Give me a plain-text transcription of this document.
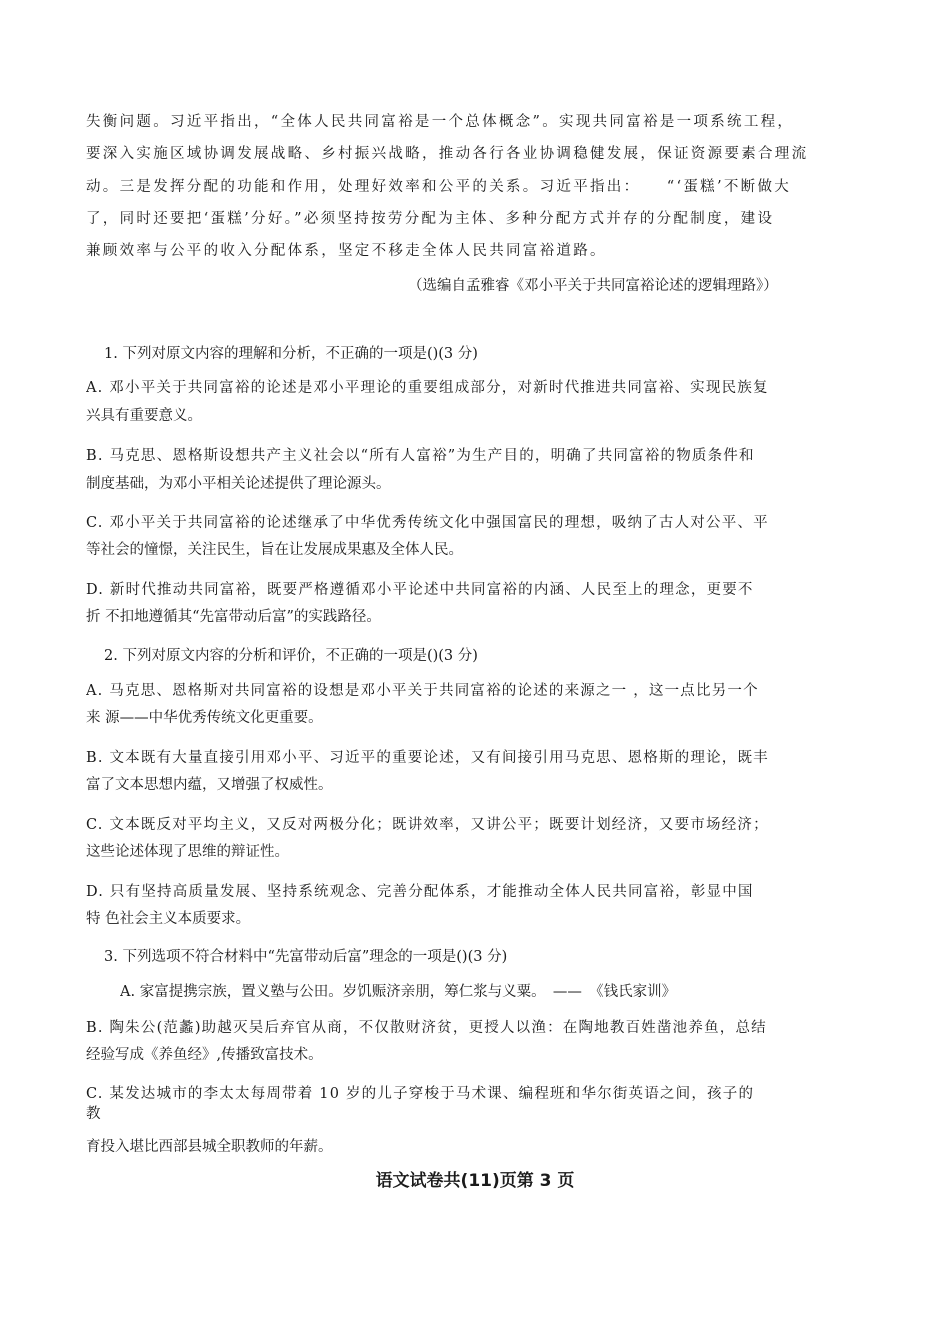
失衡问题。习近平指出，“全体人民共同富裕是一个总体概念”。实现共同富裕是一项系统工程，
要深入实施区域协调发展战略、乡村振兴战略，推动各行各业协调稳健发展，保证资源要素合理流
动。三是发挥分配的功能和作用，处理好效率和公平的关系。习近平指出：　　“‘蛋糕’不断做大
了，同时还要把‘蛋糕’分好。”必须坚持按劳分配为主体、多种分配方式并存的分配制度，建设
兼顾效率与公平的收入分配体系，坚定不移走全体人民共同富裕道路。
（选编自孟雅睿《邓小平关于共同富裕论述的逻辑理路》）
1. 下列对原文内容的理解和分析，不正确的一项是()(3 分)
A. 邓小平关于共同富裕的论述是邓小平理论的重要组成部分，对新时代推进共同富裕、实现民族复
兴具有重要意义。
B. 马克思、恩格斯设想共产主义社会以“所有人富裕”为生产目的，明确了共同富裕的物质条件和
制度基础，为邓小平相关论述提供了理论源头。
C. 邓小平关于共同富裕的论述继承了中华优秀传统文化中强国富民的理想，吸纳了古人对公平、平
等社会的憧憬，关注民生，旨在让发展成果惠及全体人民。
D. 新时代推动共同富裕，既要严格遵循邓小平论述中共同富裕的内涵、人民至上的理念，更要不
折 不扣地遵循其“先富带动后富”的实践路径。
2. 下列对原文内容的分析和评价，不正确的一项是()(3 分)
A. 马克思、恩格斯对共同富裕的设想是邓小平关于共同富裕的论述的来源之一 ，这一点比另一个
来 源——中华优秀传统文化更重要。
B. 文本既有大量直接引用邓小平、习近平的重要论述，又有间接引用马克思、恩格斯的理论，既丰
富了文本思想内蕴，又增强了权威性。
C. 文本既反对平均主义，又反对两极分化；既讲效率，又讲公平；既要计划经济，又要市场经济；
这些论述体现了思维的辩证性。
D. 只有坚持高质量发展、坚持系统观念、完善分配体系，才能推动全体人民共同富裕，彰显中国
特 色社会主义本质要求。
3. 下列选项不符合材料中“先富带动后富”理念的一项是()(3 分)
A. 家富提携宗族，置义塾与公田。岁饥赈济亲朋，筹仁浆与义粟。　——　《钱氏家训》
B. 陶朱公(范蠡)助越灭吴后弃官从商，不仅散财济贫，更授人以渔：在陶地教百姓凿池养鱼，总结
经验写成《养鱼经》,传播致富技术。
C. 某发达城市的李太太每周带着 10 岁的儿子穿梭于马术课、编程班和华尔街英语之间，孩子的
教
育投入堪比西部县城全职教师的年薪。
语文试卷共(11)页第 3 页
